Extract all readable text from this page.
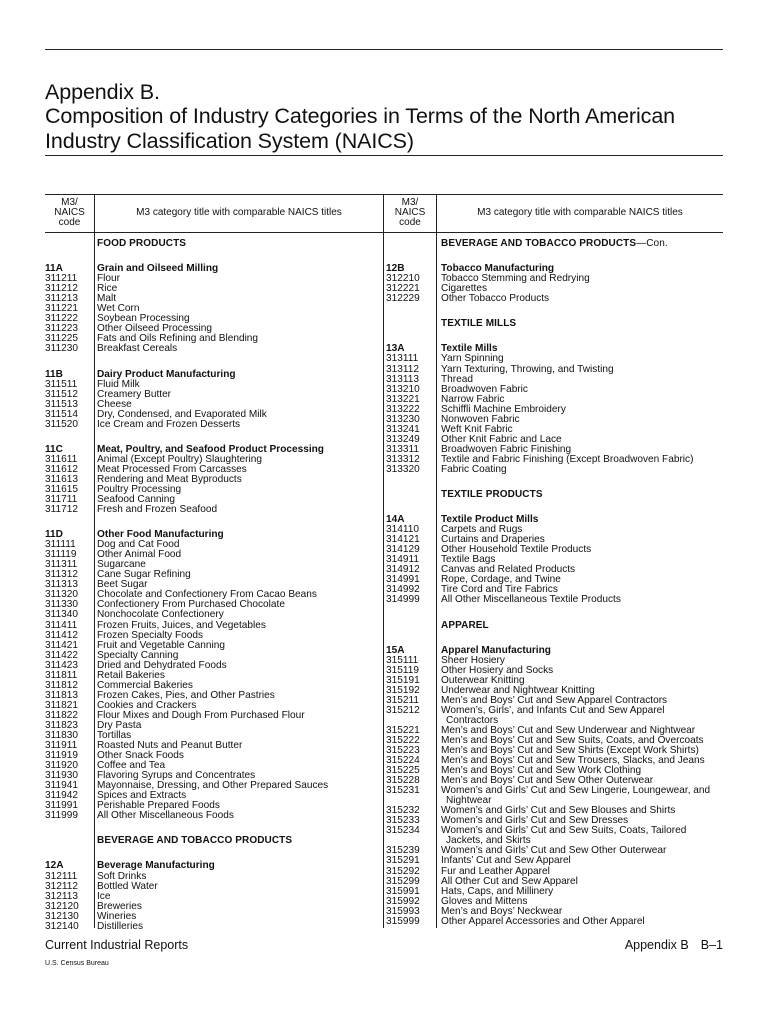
Appendix B.
Composition of Industry Categories in Terms of the North American
Industry Classification System (NAICS)
M3/
NAICS
code
M3 category title with comparable NAICS titles
M3/
NAICS
code
M3 category title with comparable NAICS titles
FOOD PRODUCTS
11A	Grain and Oilseed Milling
311211 Flour
311212 Rice
311213 Malt
311221 Wet Corn
311222 Soybean Processing
311223 Other Oilseed Processing
311225 Fats and Oils Refining and Blending
311230 Breakfast Cereals
11B	Dairy Product Manufacturing
311511 Fluid Milk
311512 Creamery Butter
311513 Cheese
311514 Dry, Condensed, and Evaporated Milk
311520 Ice Cream and Frozen Desserts
11C	Meat, Poultry, and Seafood Product Processing
311611 Animal (Except Poultry) Slaughtering
311612 Meat Processed From Carcasses
311613 Rendering and Meat Byproducts
311615 Poultry Processing
311711 Seafood Canning
311712 Fresh and Frozen Seafood
11D	Other Food Manufacturing
311111 Dog and Cat Food
311119 Other Animal Food
311311 Sugarcane
311312 Cane Sugar Refining
311313 Beet Sugar
311320 Chocolate and Confectionery From Cacao Beans
311330 Confectionery From Purchased Chocolate
311340 Nonchocolate Confectionery
311411 Frozen Fruits, Juices, and Vegetables
311412 Frozen Specialty Foods
311421 Fruit and Vegetable Canning
311422 Specialty Canning
311423 Dried and Dehydrated Foods
311811 Retail Bakeries
311812 Commercial Bakeries
311813 Frozen Cakes, Pies, and Other Pastries
311821 Cookies and Crackers
311822 Flour Mixes and Dough From Purchased Flour
311823 Dry Pasta
311830 Tortillas
311911 Roasted Nuts and Peanut Butter
311919 Other Snack Foods
311920 Coffee and Tea
311930 Flavoring Syrups and Concentrates
311941 Mayonnaise, Dressing, and Other Prepared Sauces
311942 Spices and Extracts
311991 Perishable Prepared Foods
311999 All Other Miscellaneous Foods
BEVERAGE AND TOBACCO PRODUCTS
12A	Beverage Manufacturing
312111 Soft Drinks
312112 Bottled Water
312113 Ice
312120 Breweries
312130 Wineries
312140 Distilleries
BEVERAGE AND TOBACCO PRODUCTS—Con.
12B	Tobacco Manufacturing
312210 Tobacco Stemming and Redrying
312221 Cigarettes
312229 Other Tobacco Products
TEXTILE MILLS
13A	Textile Mills
313111 Yarn Spinning
313112 Yarn Texturing, Throwing, and Twisting
313113 Thread
313210 Broadwoven Fabric
313221 Narrow Fabric
313222 Schiffli Machine Embroidery
313230 Nonwoven Fabric
313241 Weft Knit Fabric
313249 Other Knit Fabric and Lace
313311 Broadwoven Fabric Finishing
313312 Textile and Fabric Finishing (Except Broadwoven Fabric)
313320 Fabric Coating
TEXTILE PRODUCTS
14A	Textile Product Mills
314110 Carpets and Rugs
314121 Curtains and Draperies
314129 Other Household Textile Products
314911 Textile Bags
314912 Canvas and Related Products
314991 Rope, Cordage, and Twine
314992 Tire Cord and Tire Fabrics
314999 All Other Miscellaneous Textile Products
APPAREL
15A	Apparel Manufacturing
315111 Sheer Hosiery
315119 Other Hosiery and Socks
315191 Outerwear Knitting
315192 Underwear and Nightwear Knitting
315211 Men’s and Boys’ Cut and Sew Apparel Contractors
315212 Women’s, Girls’, and Infants Cut and Sew Apparel
Contractors
315221 Men’s and Boys’ Cut and Sew Underwear and Nightwear
315222 Men’s and Boys’ Cut and Sew Suits, Coats, and Overcoats
315223 Men’s and Boys’ Cut and Sew Shirts (Except Work Shirts)
315224 Men’s and Boys’ Cut and Sew Trousers, Slacks, and Jeans
315225 Men’s and Boys’ Cut and Sew Work Clothing
315228 Men’s and Boys’ Cut and Sew Other Outerwear
315231 Women’s and Girls’ Cut and Sew Lingerie, Loungewear, and
Nightwear
315232 Women’s and Girls’ Cut and Sew Blouses and Shirts
315233 Women’s and Girls’ Cut and Sew Dresses
315234 Women’s and Girls’ Cut and Sew Suits, Coats, Tailored
Jackets, and Skirts
315239 Women’s and Girls’ Cut and Sew Other Outerwear
315291 Infants’ Cut and Sew Apparel
315292 Fur and Leather Apparel
315299 All Other Cut and Sew Apparel
315991 Hats, Caps, and Millinery
315992 Gloves and Mittens
315993 Men’s and Boys’ Neckwear
315999 Other Apparel Accessories and Other Apparel
Current Industrial Reports	Appendix B B–1
U.S. Census Bureau
